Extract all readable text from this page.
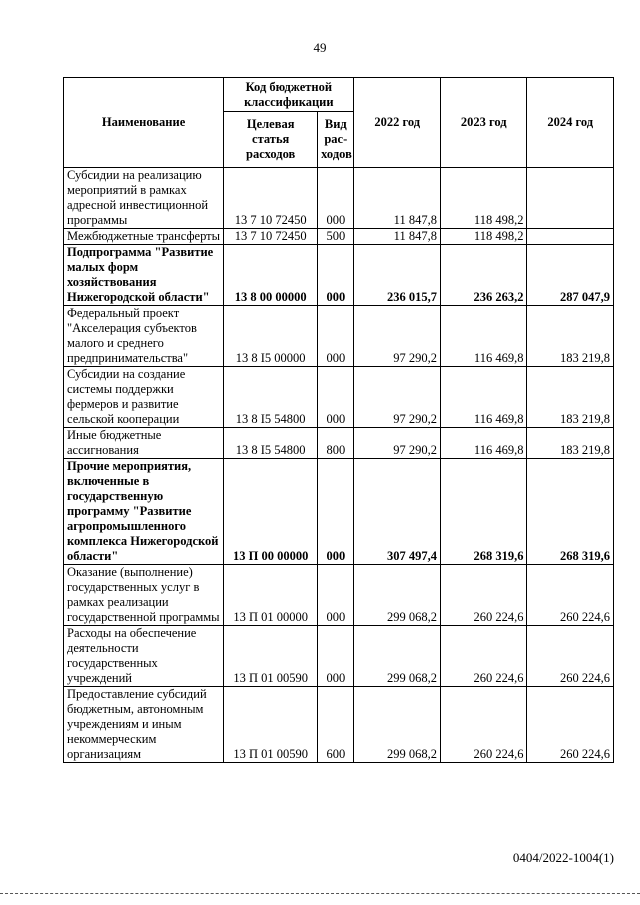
49
Наименование	Код бюджетной классификации		2022 год	2023 год	2024 год
	Целевая статья расходов	Вид рас-ходов			
Субсидии на реализацию мероприятий в рамках адресной инвестиционной программы	13 7 10 72450	000	11 847,8	118 498,2	
Межбюджетные трансферты	13 7 10 72450	500	11 847,8	118 498,2	
Подпрограмма "Развитие малых форм хозяйствования Нижегородской области"	13 8 00 00000	000	236 015,7	236 263,2	287 047,9
Федеральный проект "Акселерация субъектов малого и среднего предпринимательства"	13 8 I5 00000	000	97 290,2	116 469,8	183 219,8
Субсидии на создание системы поддержки фермеров и развитие сельской кооперации	13 8 I5 54800	000	97 290,2	116 469,8	183 219,8
Иные бюджетные ассигнования	13 8 I5 54800	800	97 290,2	116 469,8	183 219,8
Прочие мероприятия, включенные в государственную программу "Развитие агропромышленного комплекса Нижегородской области"	13 П 00 00000	000	307 497,4	268 319,6	268 319,6
Оказание (выполнение) государственных услуг в рамках реализации государственной программы	13 П 01 00000	000	299 068,2	260 224,6	260 224,6
Расходы на обеспечение деятельности государственных учреждений	13 П 01 00590	000	299 068,2	260 224,6	260 224,6
Предоставление субсидий бюджетным, автономным учреждениям и иным некоммерческим организациям	13 П 01 00590	600	299 068,2	260 224,6	260 224,6
0404/2022-1004(1)
